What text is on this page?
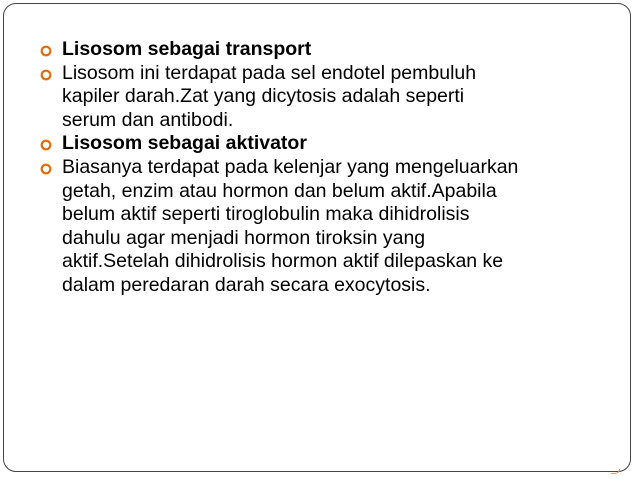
Lisosom sebagai transport
Lisosom ini terdapat pada sel endotel pembuluh
kapiler darah.Zat yang dicytosis adalah seperti
serum dan antibodi.
Lisosom sebagai aktivator
Biasanya terdapat pada kelenjar yang mengeluarkan
getah, enzim atau hormon dan belum aktif.Apabila
belum aktif seperti tiroglobulin maka dihidrolisis
dahulu agar menjadi hormon tiroksin yang
aktif.Setelah dihidrolisis hormon aktif dilepaskan ke
dalam peredaran darah secara exocytosis.
